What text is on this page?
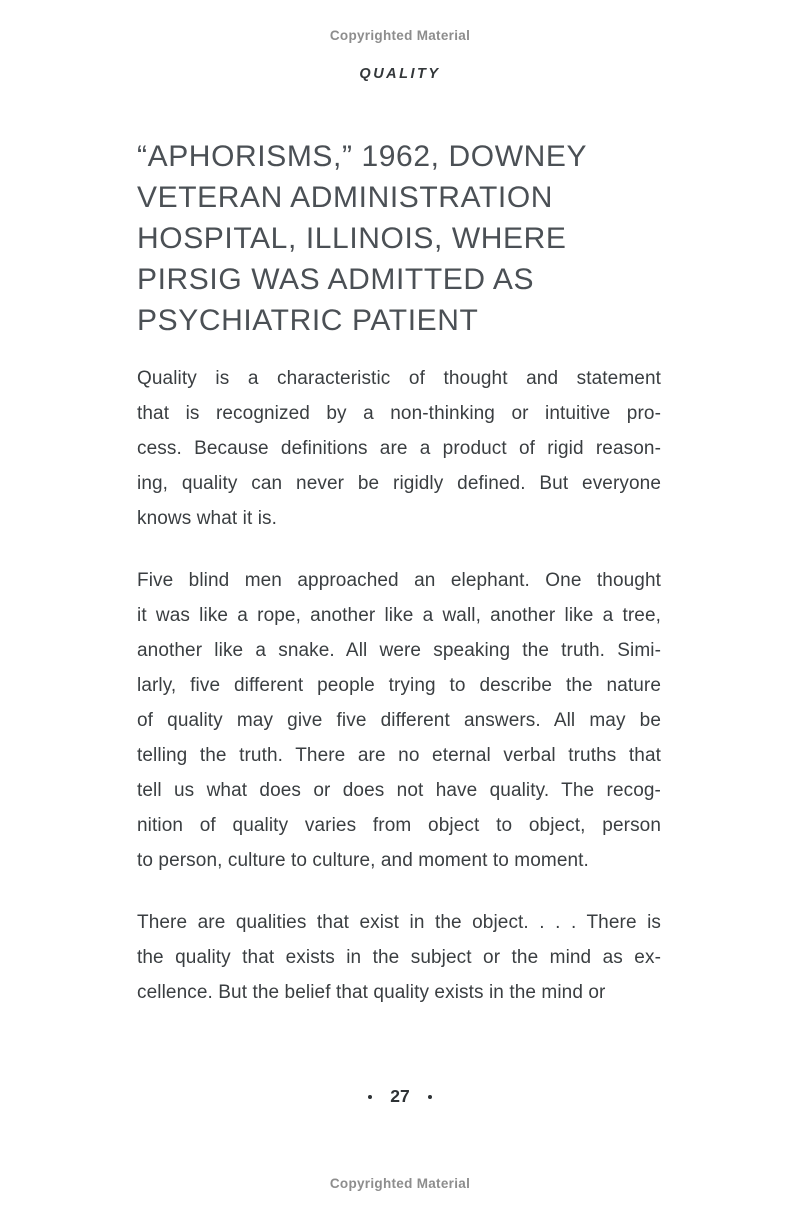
Copyrighted Material
QUALITY
“APHORISMS,” 1962, DOWNEY
VETERAN ADMINISTRATION
HOSPITAL, ILLINOIS, WHERE
PIRSIG WAS ADMITTED AS
PSYCHIATRIC PATIENT
Quality is a characteristic of thought and statement
that is recognized by a non-thinking or intuitive pro-
cess. Because definitions are a product of rigid reason-
ing, quality can never be rigidly defined. But everyone
knows what it is.
Five blind men approached an elephant. One thought
it was like a rope, another like a wall, another like a tree,
another like a snake. All were speaking the truth. Simi-
larly, five different people trying to describe the nature
of quality may give five different answers. All may be
telling the truth. There are no eternal verbal truths that
tell us what does or does not have quality. The recog-
nition of quality varies from object to object, person
to person, culture to culture, and moment to moment.
There are qualities that exist in the object. . . . There is
the quality that exists in the subject or the mind as ex-
cellence. But the belief that quality exists in the mind or
27
Copyrighted Material
